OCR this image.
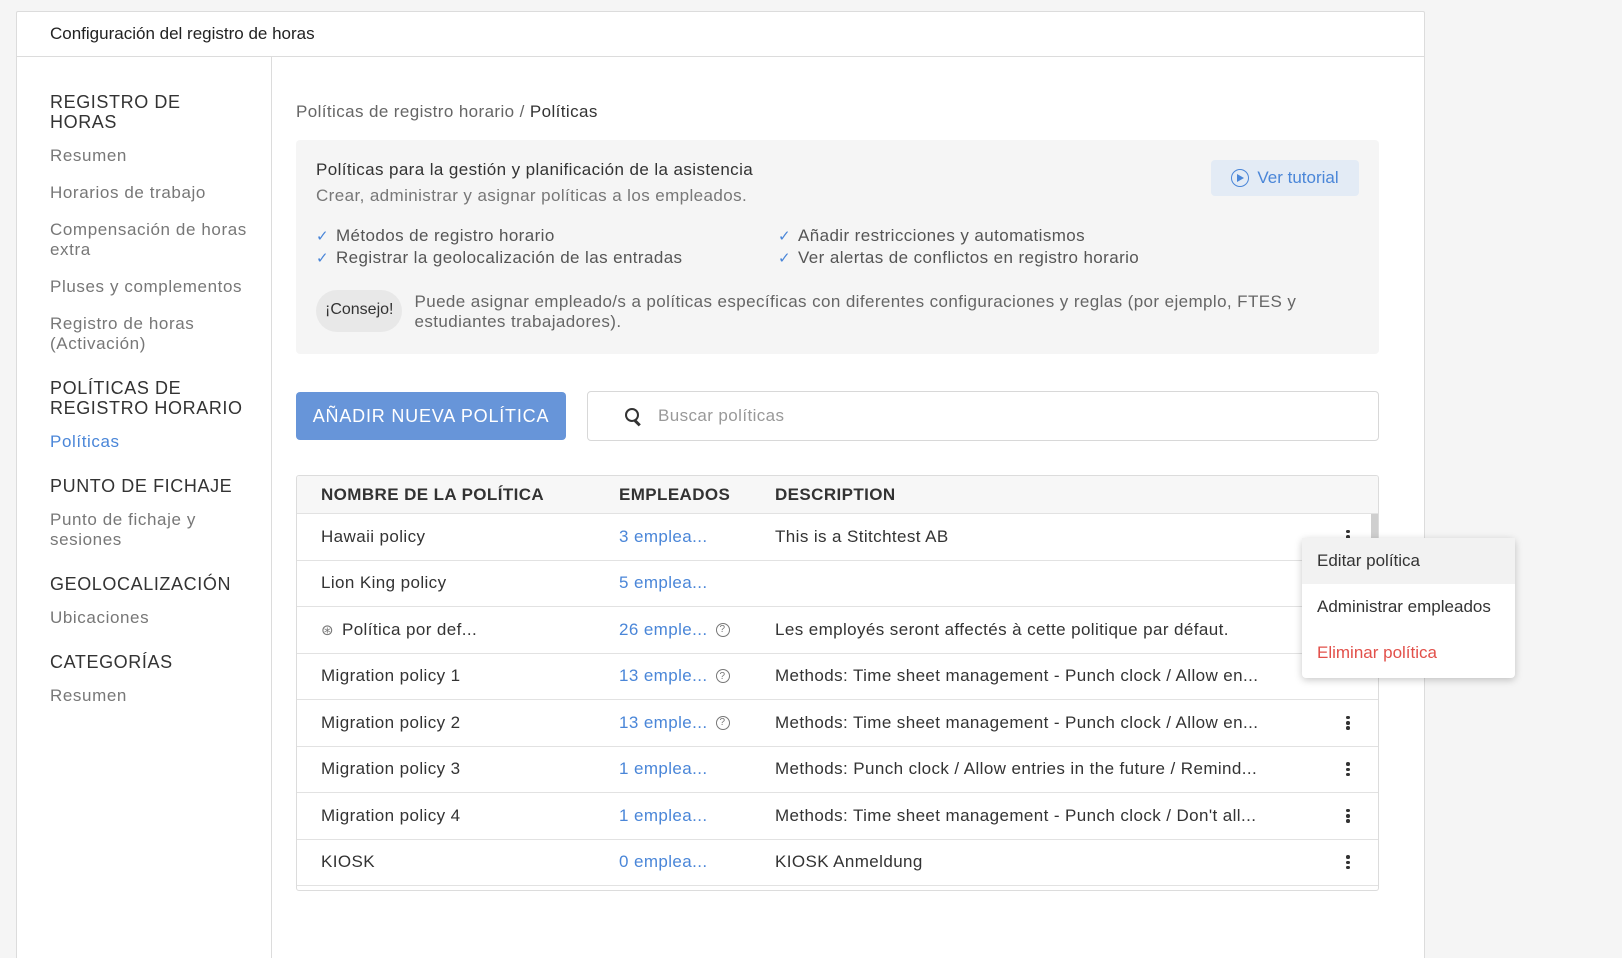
Configuración del registro de horas
REGISTRO DE HORAS
Resumen
Horarios de trabajo
Compensación de horas extra
Pluses y complementos
Registro de horas (Activación)
POLÍTICAS DE REGISTRO HORARIO
Políticas
PUNTO DE FICHAJE
Punto de fichaje y sesiones
GEOLOCALIZACIÓN
Ubicaciones
CATEGORÍAS
Resumen
Políticas de registro horario / Políticas
Políticas para la gestión y planificación de la asistencia
Crear, administrar y asignar políticas a los empleados.
Ver tutorial
✓ Métodos de registro horario	✓ Añadir restricciones y automatismos
✓ Registrar la geolocalización de las entradas	✓ Ver alertas de conflictos en registro horario
¡Consejo!	Puede asignar empleado/s a políticas específicas con diferentes configuraciones y reglas (por ejemplo, FTES y estudiantes trabajadores).
AÑADIR NUEVA POLÍTICA
Buscar políticas
NOMBRE DE LA POLÍTICA	EMPLEADOS	DESCRIPTION
Hawaii policy	3 emplea...	This is a Stitchtest AB
Lion King policy	5 emplea...
⊛ Política por def...	26 emple...	?	Les employés seront affectés à cette politique par défaut.
Migration policy 1	13 emple...	?	Methods: Time sheet management - Punch clock / Allow en...
Migration policy 2	13 emple...	?	Methods: Time sheet management - Punch clock / Allow en...
Migration policy 3	1 emplea...	Methods: Punch clock / Allow entries in the future / Remind...
Migration policy 4	1 emplea...	Methods: Time sheet management - Punch clock / Don't all...
KIOSK	0 emplea...	KIOSK Anmeldung
Editar política
Administrar empleados
Eliminar política
